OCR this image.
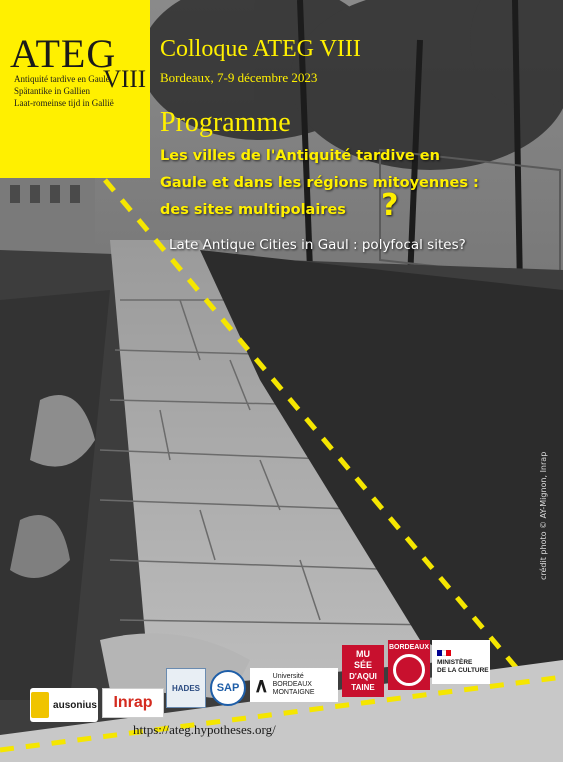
ATEG
VIII
Antiquité tardive en Gaule
Spätantike in Gallien
Laat-romeinse tijd in Gallië
Colloque ATEG VIII
Bordeaux, 7-9 décembre 2023
Programme
Les villes de l'Antiquité tardive en
Gaule et dans les régions mitoyennes :
des sites multipolaires ?
Late Antique Cities in Gaul : polyfocal sites?
crédit photo © AY-Mignon, Inrap
ausonius Inrap
HADES SAP ∧ Université
BORDEAUX
MONTAIGNE
MU
SÉE
D'AQUI
TAINE
BORDEAUX
MINISTÈRE
DE LA CULTURE
https://ateg.hypotheses.org/
